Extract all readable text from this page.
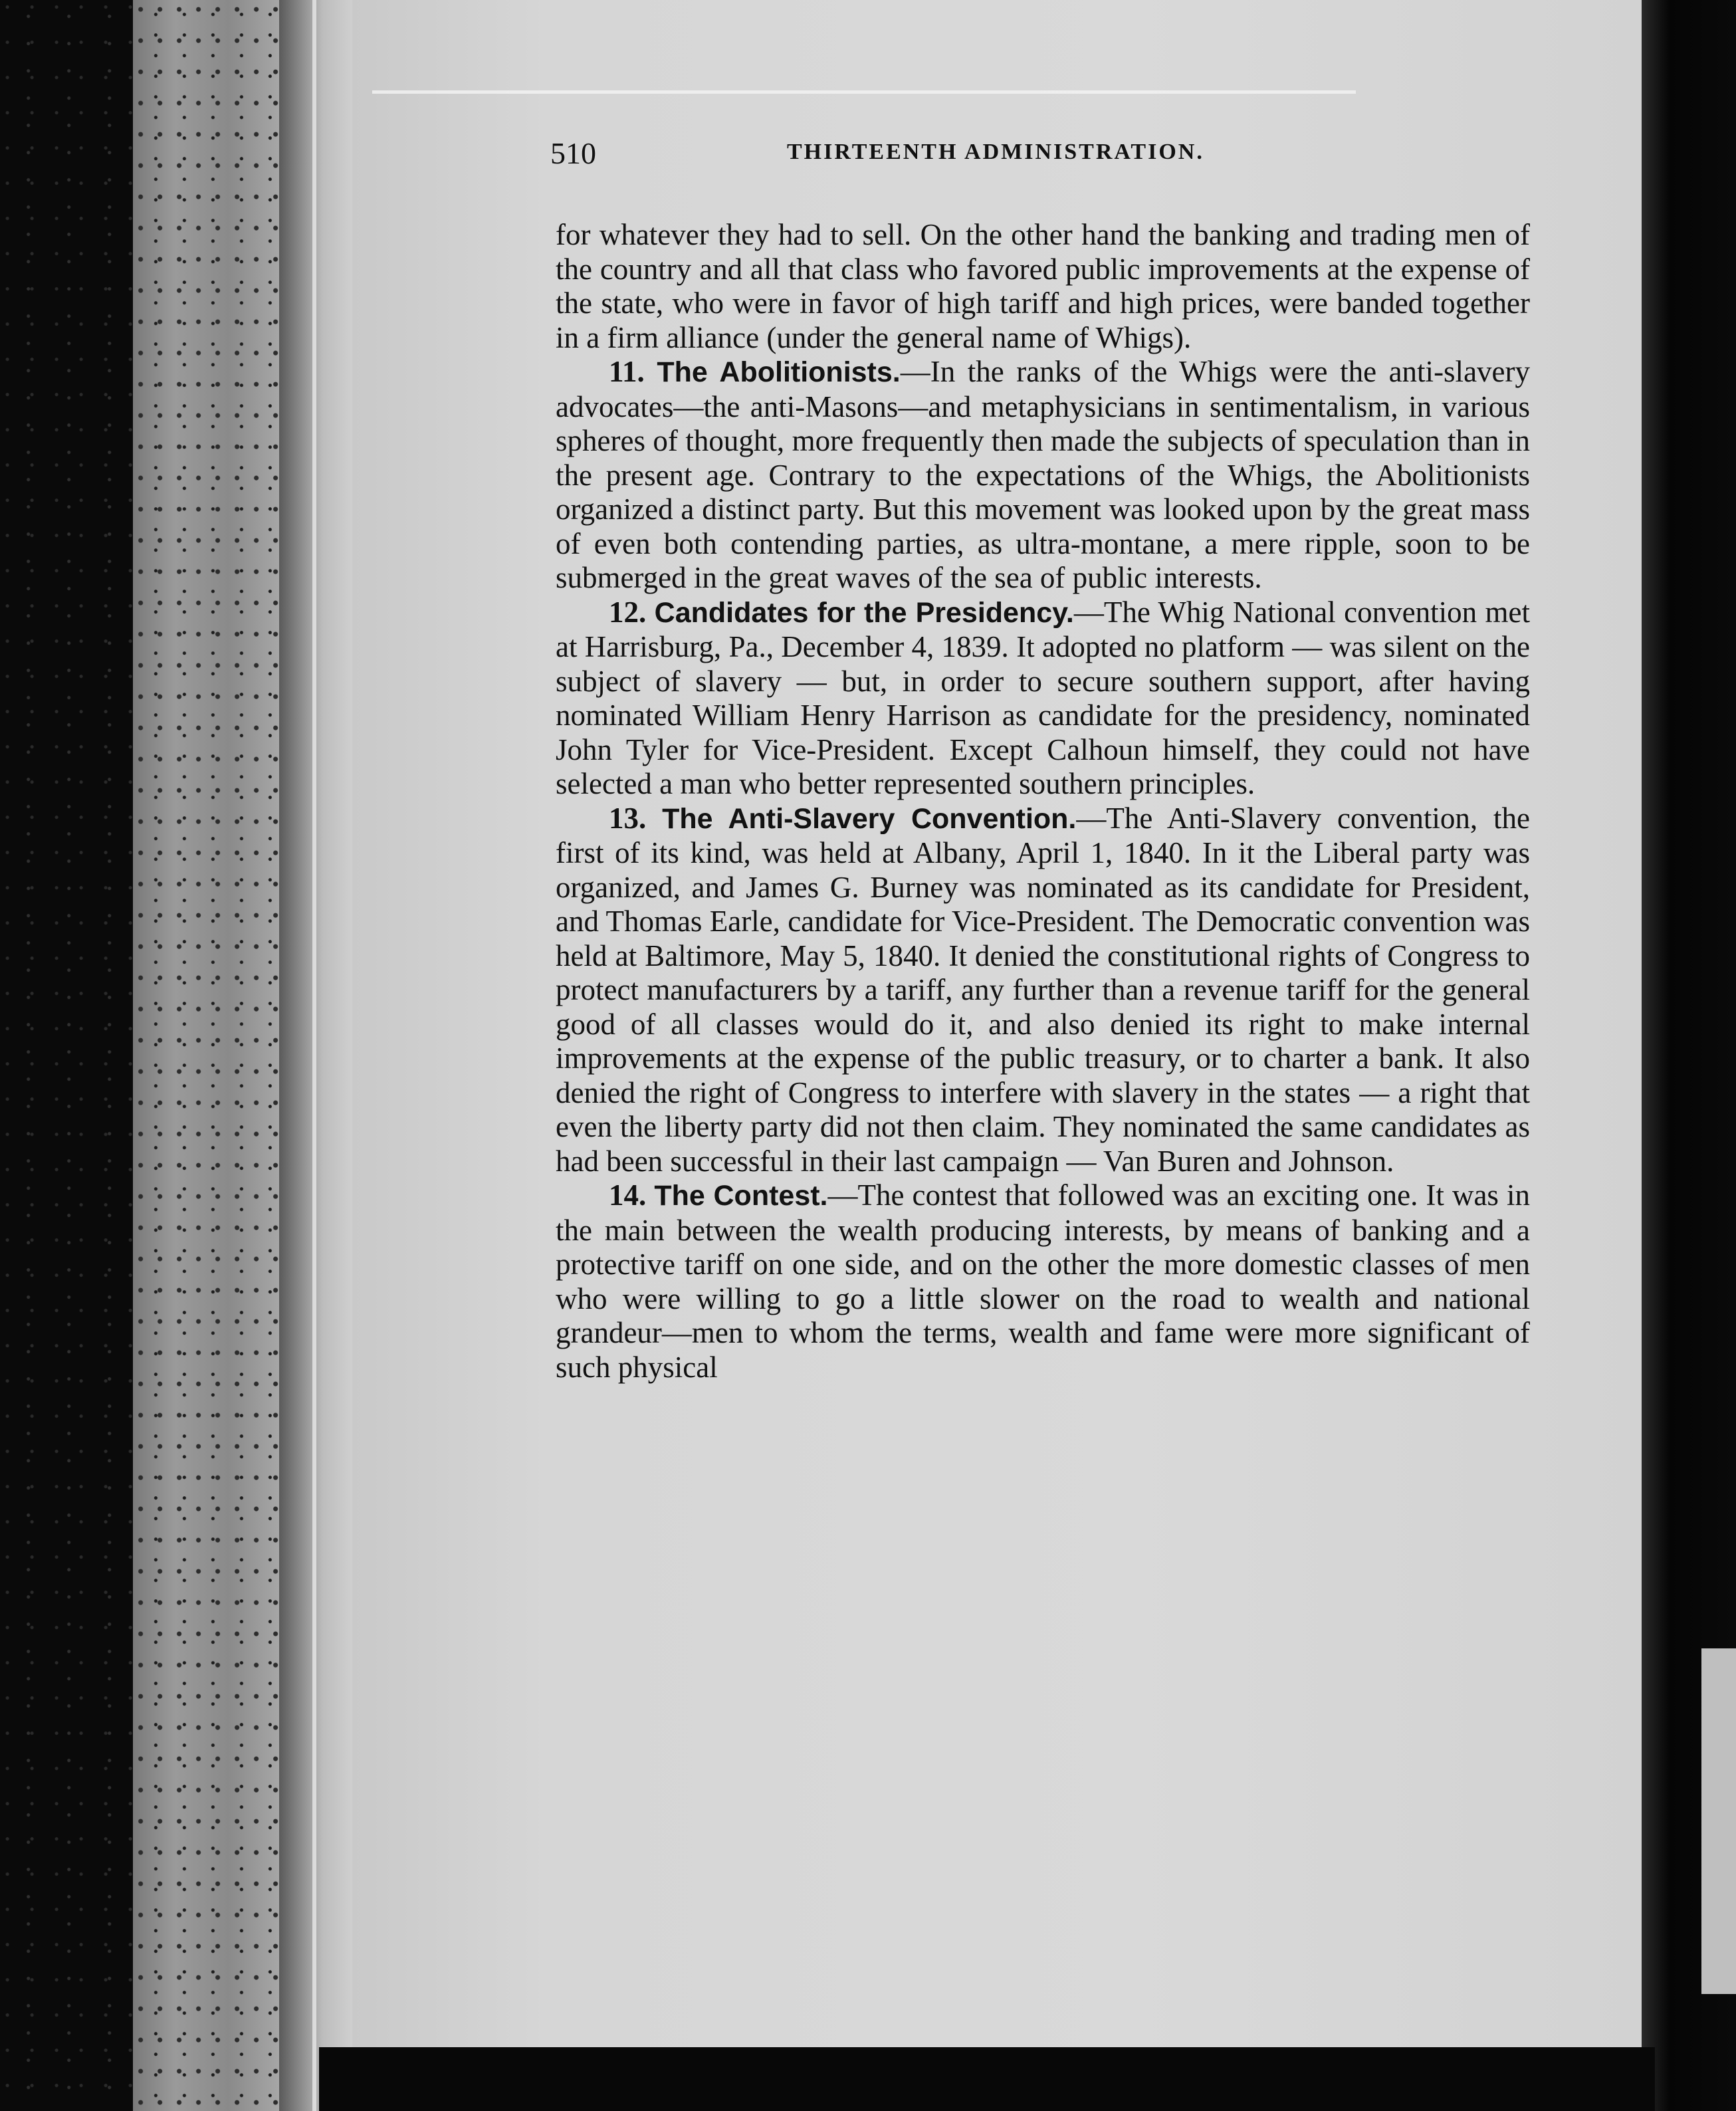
510	THIRTEENTH ADMINISTRATION.

for whatever they had to sell. On the other hand the banking and trading men of the country and all that class who favored public improvements at the expense of the state, who were in favor of high tariff and high prices, were banded together in a firm alliance (under the general name of Whigs).

11. The Abolitionists.—In the ranks of the Whigs were the anti-slavery advocates—the anti-Masons—and metaphysicians in sentimentalism, in various spheres of thought, more frequently then made the subjects of speculation than in the present age. Contrary to the expectations of the Whigs, the Abolitionists organized a distinct party. But this movement was looked upon by the great mass of even both contending parties, as ultra-montane, a mere ripple, soon to be submerged in the great waves of the sea of public interests.

12. Candidates for the Presidency.—The Whig National convention met at Harrisburg, Pa., December 4, 1839. It adopted no platform — was silent on the subject of slavery — but, in order to secure southern support, after having nominated William Henry Harrison as candidate for the presidency, nominated John Tyler for Vice-President. Except Calhoun himself, they could not have selected a man who better represented southern principles.

13. The Anti-Slavery Convention.—The Anti-Slavery convention, the first of its kind, was held at Albany, April 1, 1840. In it the Liberal party was organized, and James G. Burney was nominated as its candidate for President, and Thomas Earle, candidate for Vice-President. The Democratic convention was held at Baltimore, May 5, 1840. It denied the constitutional rights of Congress to protect manufacturers by a tariff, any further than a revenue tariff for the general good of all classes would do it, and also denied its right to make internal improvements at the expense of the public treasury, or to charter a bank. It also denied the right of Congress to interfere with slavery in the states — a right that even the liberty party did not then claim. They nominated the same candidates as had been successful in their last campaign — Van Buren and Johnson.

14. The Contest.—The contest that followed was an exciting one. It was in the main between the wealth producing interests, by means of banking and a protective tariff on one side, and on the other the more domestic classes of men who were willing to go a little slower on the road to wealth and national grandeur—men to whom the terms, wealth and fame were more significant of such physical
